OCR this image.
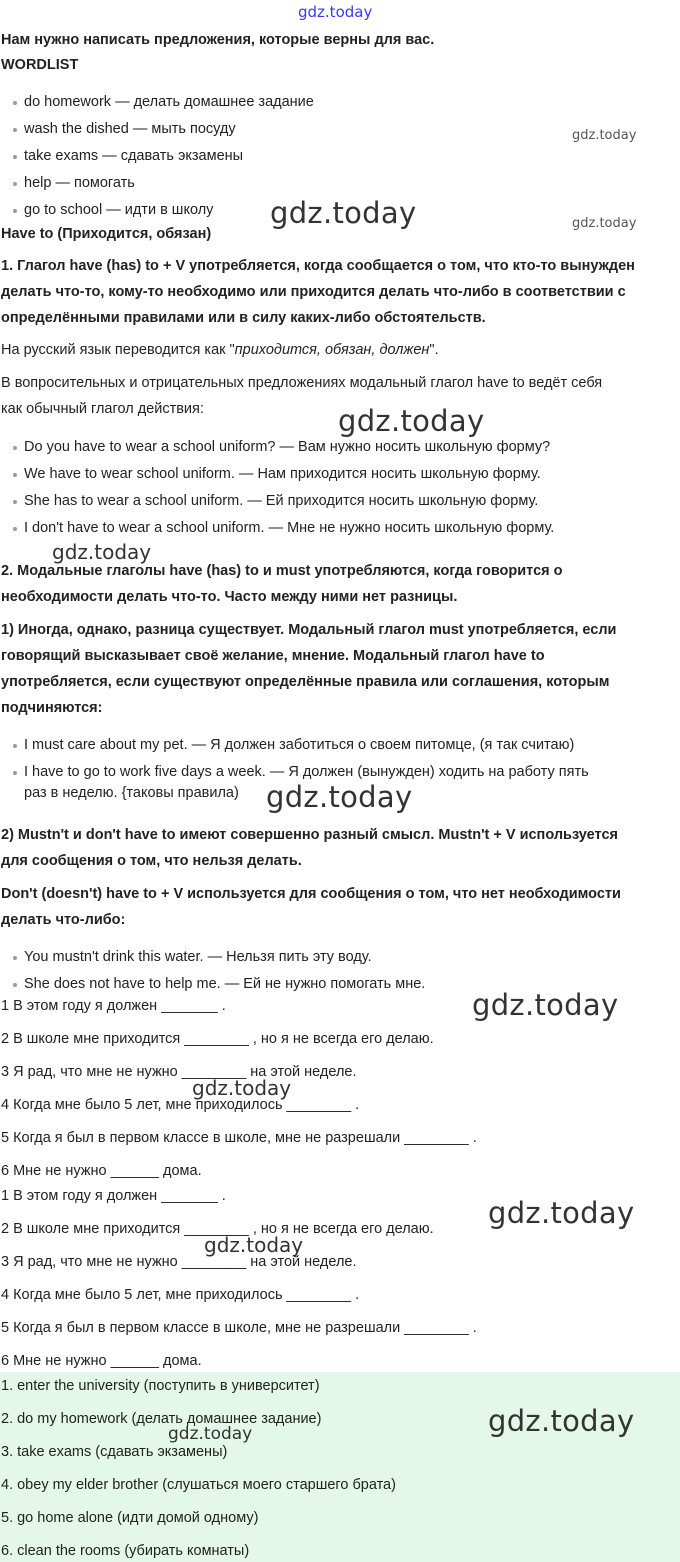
gdz.today
gdz.today
gdz.today
gdz.today
gdz.today
gdz.today
gdz.today
gdz.today
gdz.today
gdz.today
gdz.today
gdz.today
gdz.today
Нам нужно написать предложения, которые верны для вас.
WORDLIST
do homework — делать домашнее задание
wash the dished — мыть посуду
take exams — сдавать экзамены
help — помогать
go to school — идти в школу
Have to (Приходится, обязан)
1. Глагол have (has) to + V употребляется, когда сообщается о том, что кто-то вынужден
делать что-то, кому-то необходимо или приходится делать что-либо в соответствии с
определёнными правилами или в силу каких-либо обстоятельств.
На русский язык переводится как "приходится, обязан, должен".
В вопросительных и отрицательных предложениях модальный глагол have to ведёт себя
как обычный глагол действия:
Do you have to wear a school uniform? — Вам нужно носить школьную форму?
We have to wear school uniform. — Нам приходится носить школьную форму.
She has to wear a school uniform. — Ей приходится носить школьную форму.
I don't have to wear a school uniform. — Мне не нужно носить школьную форму.
2. Модальные глаголы have (has) to и must употребляются, когда говорится о
необходимости делать что-то. Часто между ними нет разницы.
1) Иногда, однако, разница существует. Модальный глагол must употребляется, если
говорящий высказывает своё желание, мнение. Модальный глагол have to
употребляется, если существуют определённые правила или соглашения, которым
подчиняются:
I must care about my pet. — Я должен заботиться о своем питомце, (я так считаю)
I have to go to work five days a week. — Я должен (вынужден) ходить на работу пять
раз в неделю. {таковы правила)
2) Mustn't и don't have to имеют совершенно разный смысл. Mustn't + V используется
для сообщения о том, что нельзя делать.
Don't (doesn't) have to + V используется для сообщения о том, что нет необходимости
делать что-либо:
You mustn't drink this water. — Нельзя пить эту воду.
She does not have to help me. — Ей не нужно помогать мне.
1 В этом году я должен _______ .
2 В школе мне приходится ________ , но я не всегда его делаю.
3 Я рад, что мне не нужно ________ на этой неделе.
4 Когда мне было 5 лет, мне приходилось ________ .
5 Когда я был в первом классе в школе, мне не разрешали ________ .
6 Мне не нужно ______ дома.
1 В этом году я должен _______ .
2 В школе мне приходится ________ , но я не всегда его делаю.
3 Я рад, что мне не нужно ________ на этой неделе.
4 Когда мне было 5 лет, мне приходилось ________ .
5 Когда я был в первом классе в школе, мне не разрешали ________ .
6 Мне не нужно ______ дома.
1. enter the university (поступить в университет)
2. do my homework (делать домашнее задание)
3. take exams (сдавать экзамены)
4. obey my elder brother (слушаться моего старшего брата)
5. go home alone (идти домой одному)
6. clean the rooms (убирать комнаты)
